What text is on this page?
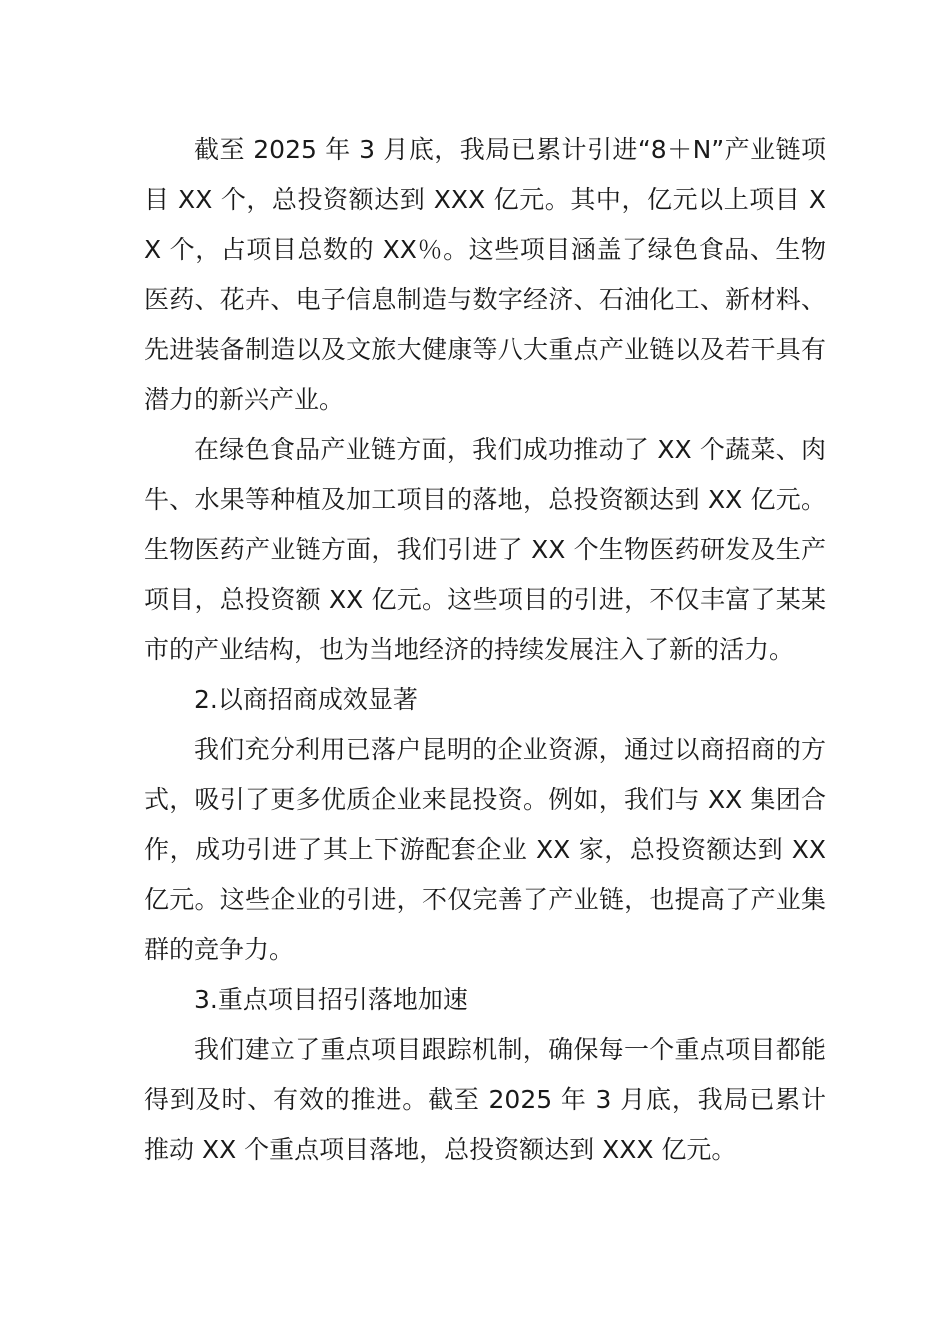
截至 2025 年 3 月底，我局已累计引进“8＋N”产业链项目 XX 个，总投资额达到 XXX 亿元。其中，亿元以上项目 XX 个，占项目总数的 XX％。这些项目涵盖了绿色食品、生物医药、花卉、电子信息制造与数字经济、石油化工、新材料、先进装备制造以及文旅大健康等八大重点产业链以及若干具有潜力的新兴产业。

在绿色食品产业链方面，我们成功推动了 XX 个蔬菜、肉牛、水果等种植及加工项目的落地，总投资额达到 XX 亿元。生物医药产业链方面，我们引进了 XX 个生物医药研发及生产项目，总投资额 XX 亿元。这些项目的引进，不仅丰富了某某市的产业结构，也为当地经济的持续发展注入了新的活力。

2.以商招商成效显著

我们充分利用已落户昆明的企业资源，通过以商招商的方式，吸引了更多优质企业来昆投资。例如，我们与 XX 集团合作，成功引进了其上下游配套企业 XX 家，总投资额达到 XX 亿元。这些企业的引进，不仅完善了产业链，也提高了产业集群的竞争力。

3.重点项目招引落地加速

我们建立了重点项目跟踪机制，确保每一个重点项目都能得到及时、有效的推进。截至 2025 年 3 月底，我局已累计推动 XX 个重点项目落地，总投资额达到 XXX 亿元。
